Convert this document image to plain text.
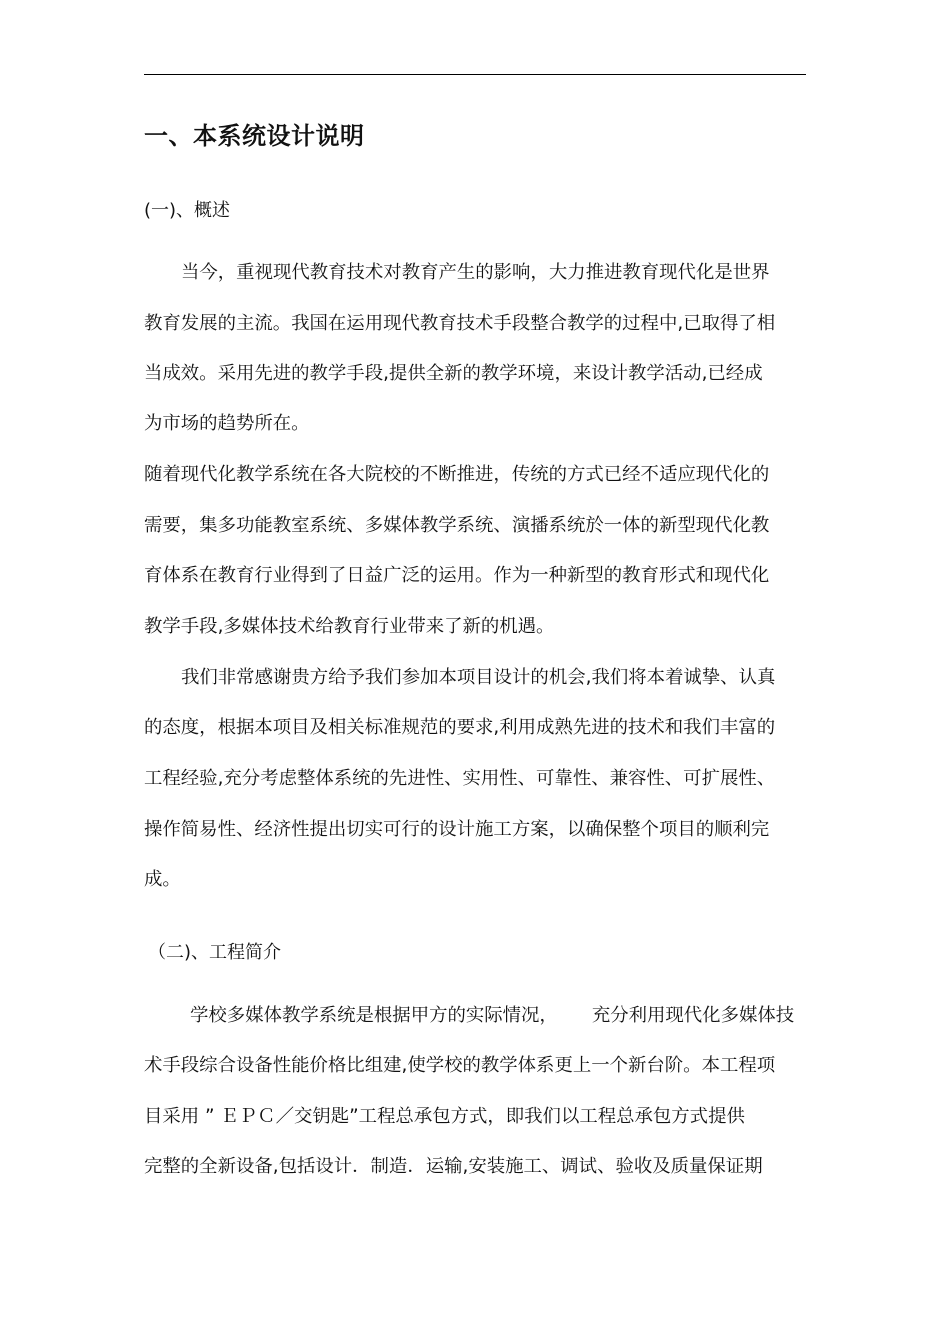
一、本系统设计说明
(一)、概述
当今，重视现代教育技术对教育产生的影响，大力推进教育现代化是世界
教育发展的主流。我国在运用现代教育技术手段整合教学的过程中,已取得了相
当成效。采用先进的教学手段,提供全新的教学环境，来设计教学活动,已经成
为市场的趋势所在。
随着现代化教学系统在各大院校的不断推进，传统的方式已经不适应现代化的
需要，集多功能教室系统、多媒体教学系统、演播系统於一体的新型现代化教
育体系在教育行业得到了日益广泛的运用。作为一种新型的教育形式和现代化
教学手段,多媒体技术给教育行业带来了新的机遇。
我们非常感谢贵方给予我们参加本项目设计的机会,我们将本着诚挚、认真
的态度，根据本项目及相关标准规范的要求,利用成熟先进的技术和我们丰富的
工程经验,充分考虑整体系统的先进性、实用性、可靠性、兼容性、可扩展性、
操作简易性、经济性提出切实可行的设计施工方案，以确保整个项目的顺利完
成。
（二)、工程简介
学校多媒体教学系统是根据甲方的实际情况， 充分利用现代化多媒体技
术手段综合设备性能价格比组建,使学校的教学体系更上一个新台阶。本工程项
目采用 ” ＥＰＣ／交钥匙”工程总承包方式，即我们以工程总承包方式提供
完整的全新设备,包括设计．制造．运输,安装施工、调试、验收及质量保证期
